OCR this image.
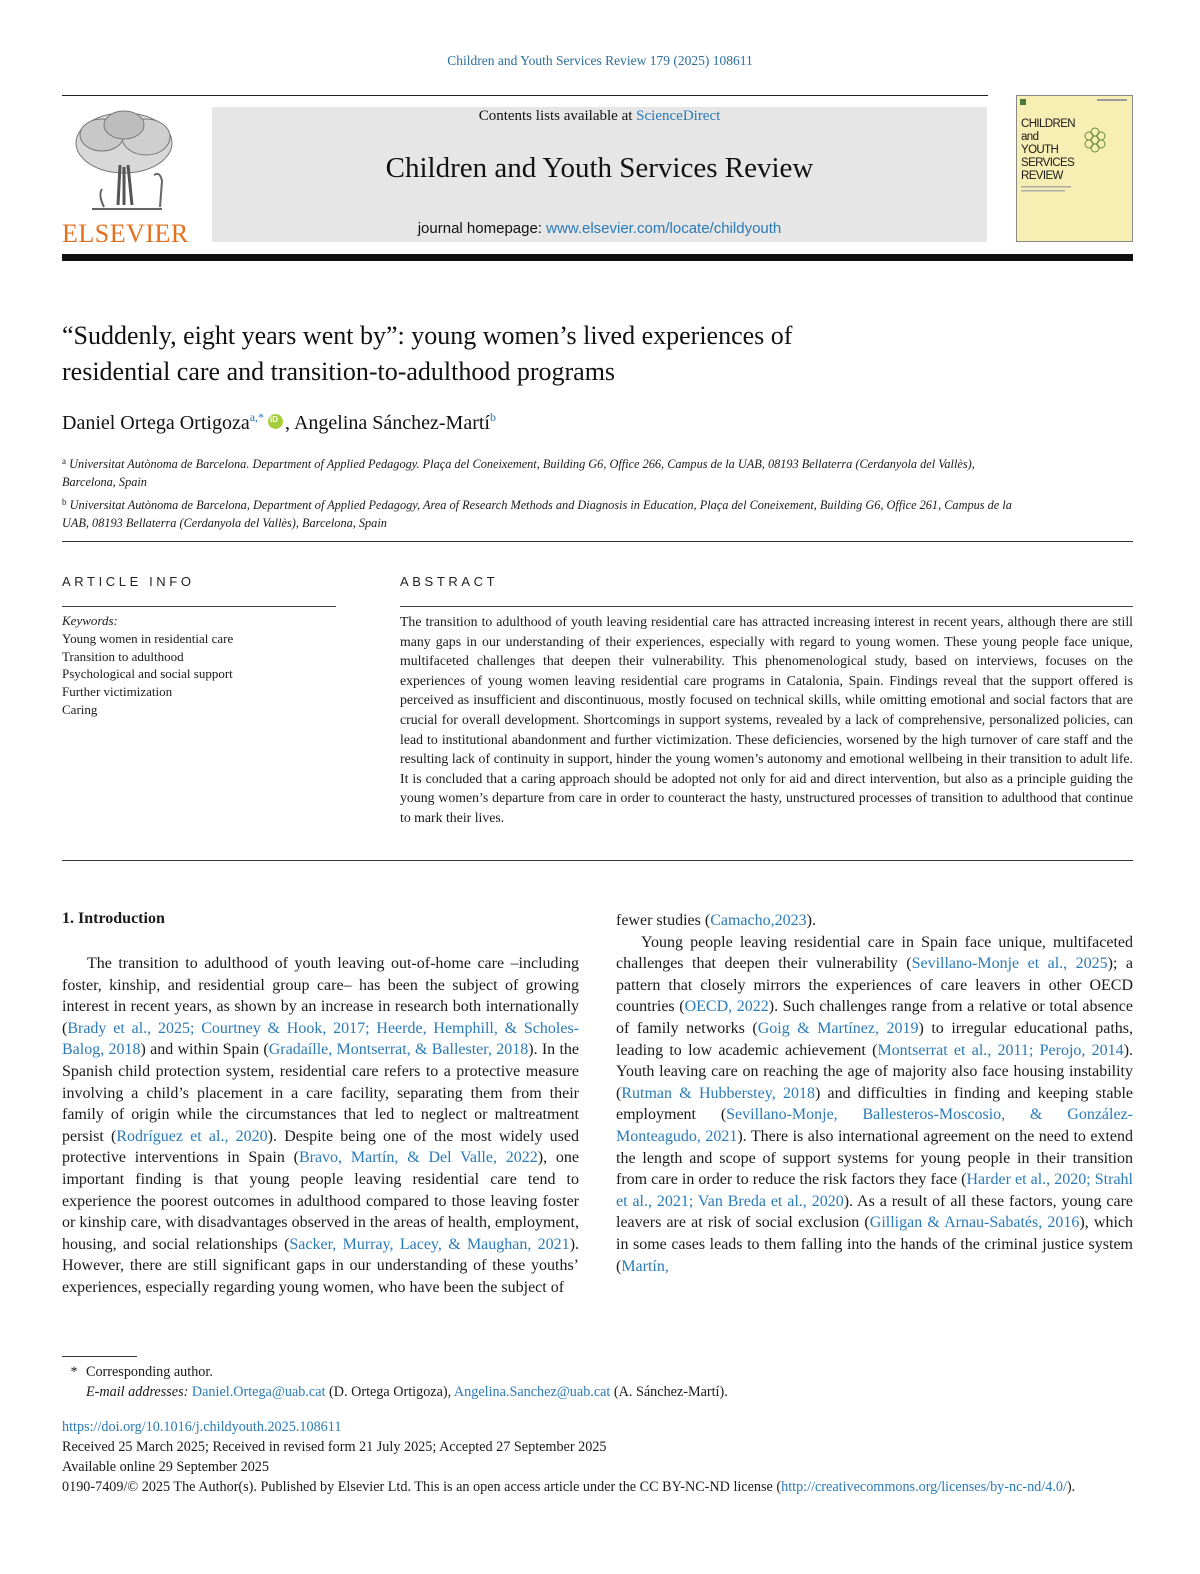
Children and Youth Services Review 179 (2025) 108611
ELSEVIER
Contents lists available at ScienceDirect
Children and Youth Services Review
journal homepage: www.elsevier.com/locate/childyouth
CHILDREN
and
YOUTH
SERVICES
REVIEW
“Suddenly, eight years went by”: young women’s lived experiences of
residential care and transition-to-adulthood programs
Daniel Ortega Ortigoza$^{a,*}$iD , Angelina Sánchez-Martí$^b$

$^a$ Universitat Autònoma de Barcelona. Department of Applied Pedagogy. Plaça del Coneixement, Building G6, Office 266, Campus de la UAB, 08193 Bellaterra (Cerdanyola del Vallès), Barcelona, Spain

$^b$ Universitat Autònoma de Barcelona, Department of Applied Pedagogy, Area of Research Methods and Diagnosis in Education, Plaça del Coneixement, Building G6, Office 261, Campus de la UAB, 08193 Bellaterra (Cerdanyola del Vallès), Barcelona, Spain

ARTICLE INFO
Keywords:
Young women in residential care
Transition to adulthood
Psychological and social support
Further victimization
Caring
ABSTRACT
The transition to adulthood of youth leaving residential care has attracted increasing interest in recent years, although there are still many gaps in our understanding of their experiences, especially with regard to young women. These young people face unique, multifaceted challenges that deepen their vulnerability. This phenomenological study, based on interviews, focuses on the experiences of young women leaving residential care programs in Catalonia, Spain. Findings reveal that the support offered is perceived as insufficient and discontinuous, mostly focused on technical skills, while omitting emotional and social factors that are crucial for overall development. Shortcomings in support systems, revealed by a lack of comprehensive, personalized policies, can lead to institutional abandonment and further victimization. These deficiencies, worsened by the high turnover of care staff and the resulting lack of continuity in support, hinder the young women’s autonomy and emotional wellbeing in their transition to adult life. It is concluded that a caring approach should be adopted not only for aid and direct intervention, but also as a principle guiding the young women’s departure from care in order to counteract the hasty, unstructured processes of transition to adulthood that continue to mark their lives.
1. Introduction

The transition to adulthood of youth leaving out-of-home care –including foster, kinship, and residential group care– has been the subject of growing interest in recent years, as shown by an increase in research both internationally (Brady et al., 2025; Courtney & Hook, 2017; Heerde, Hemphill, & Scholes-Balog, 2018) and within Spain (Gradaílle, Montserrat, & Ballester, 2018). In the Spanish child protection system, residential care refers to a protective measure involving a child’s placement in a care facility, separating them from their family of origin while the circumstances that led to neglect or maltreatment persist (Rodríguez et al., 2020). Despite being one of the most widely used protective interventions in Spain (Bravo, Martín, & Del Valle, 2022), one important finding is that young people leaving residential care tend to experience the poorest outcomes in adulthood compared to those leaving foster or kinship care, with disadvantages observed in the areas of health, employment, housing, and social relationships (Sacker, Murray, Lacey, & Maughan, 2021). However, there are still significant gaps in our understanding of these youths’ experiences, especially regarding young women, who have been the subject of

fewer studies (Camacho,2023).

Young people leaving residential care in Spain face unique, multifaceted challenges that deepen their vulnerability (Sevillano-Monje et al., 2025); a pattern that closely mirrors the experiences of care leavers in other OECD countries (OECD, 2022). Such challenges range from a relative or total absence of family networks (Goig & Martínez, 2019) to irregular educational paths, leading to low academic achievement (Montserrat et al., 2011; Perojo, 2014). Youth leaving care on reaching the age of majority also face housing instability (Rutman & Hubberstey, 2018) and difficulties in finding and keeping stable employment (Sevillano-Monje, Ballesteros-Moscosio, & González-Monteagudo, 2021). There is also international agreement on the need to extend the length and scope of support systems for young people in their transition from care in order to reduce the risk factors they face (Harder et al., 2020; Strahl et al., 2021; Van Breda et al., 2020). As a result of all these factors, young care leavers are at risk of social exclusion (Gilligan & Arnau-Sabatés, 2016), which in some cases leads to them falling into the hands of the criminal justice system (Martín,

* Corresponding author.
E-mail addresses: Daniel.Ortega@uab.cat (D. Ortega Ortigoza), Angelina.Sanchez@uab.cat (A. Sánchez-Martí).
https://doi.org/10.1016/j.childyouth.2025.108611
Received 25 March 2025; Received in revised form 21 July 2025; Accepted 27 September 2025
Available online 29 September 2025
0190-7409/© 2025 The Author(s). Published by Elsevier Ltd. This is an open access article under the CC BY-NC-ND license (http://creativecommons.org/licenses/by-nc-nd/4.0/).
